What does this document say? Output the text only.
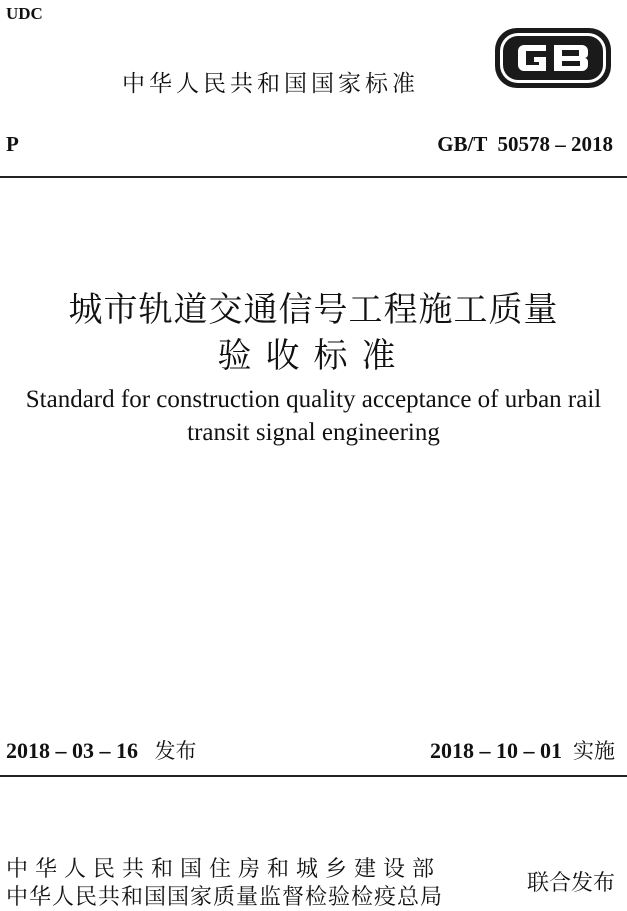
UDC
中华人民共和国国家标准
P	GB/T  50578 – 2018
城市轨道交通信号工程施工质量
验收标准
Standard for construction quality acceptance of urban rail
transit signal engineering
2018 – 03 – 16 发布	2018 – 10 – 01 实施
中华人民共和国住房和城乡建设部
中华人民共和国国家质量监督检验检疫总局
联合发布
